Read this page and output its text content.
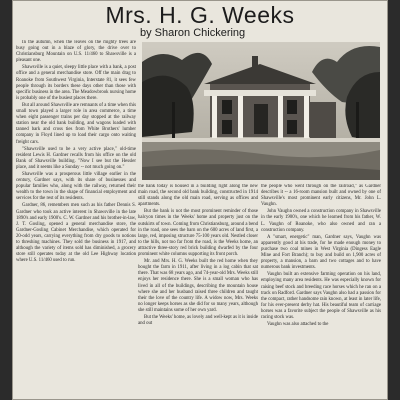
Mrs. H. G. Weeks
by Sharon Chickering

In the autumn, when the leaves on the mighty trees are busy going out in a blaze of glory, the drive over to Christiansburg Mountain on U.S. 11/460 to Shawsville is a pleasant one.

Shawsville is a quiet, sleepy little place with a bank, a post office and a general merchandise store. Off the main drag to Roanoke from Southwest Virginia, Interstate 81, it sees few people through its borders these days other than those with specific business in the area. The Meadowbrook nursing home is probably one of the busiest places there.

But all around Shawsville are remnants of a time when this small town played a larger role in area commerce, a time when eight passenger trains per day stopped at the railway station near the old bank building, and wagons loaded with tanned bark and cross ties from White Brothers' lumber company in Floyd lined up to load their cargo onto waiting freight cars.

"Shawsville used to be a very active place," old-time resident Lewis H. Gardner recalls from his office on the old Bank of Shawsville building. "Now I see but the Hessler place, and it seems like a Sunday -- not much going on."

Shawsville was a prosperous little village earlier in the century, Gardner says, with its share of businesses and popular families who, along with the railway, returned their wealth to the town in the shape of financial employment and services for the rest of its residents.

Gardner, 86, remembers men such as his father Dennis S. Gardner who took an active interest in Shawsville in the late 1890's and early 1900's. C. W. Gardner and his brother-in-law, J. T. Gosling, opened a general merchandise store, the Gardner-Gosling Cabinet Merchandise, which operated for 20-odd years, carrying everything from dry goods to notions to threshing machines. They sold the business in 1917, and although the variety of items sold has diminished, a grocery store still operates today at the old Lee Highway location where U.S. 11/460 used to run.

the bank today is housed in a building right along the new main road, the second old bank building, constructed in 1914 still stands along the old main road, serving as offices and apartments.

But the bank is not the most prominent reminder of those halcyon times in the Weeks' home and property just on the outskirts of town. Coming from Christiansburg, around a bend in the road, one sees the barn on the 600 acres of land first, a large, red, imposing structure 75-100 years old. Nestled closer to the hills, not too far from the road, is the Weeks home, an attractive three-story red brick building dwarfed by the four prominent white columns supporting its front porch.

Mr. and Mrs. H. G. Weeks built the red home when they bought the farm in 1911, after living in a log cabin that sat there. That was 68 years ago, and 74-year-old Mrs. Weeks still enjoys her residence there. She is a small woman who has lived in all of the buildings, describing the mountain house where she and her husband raised three children and taught their the love of the country life. A widow now, Mrs. Weeks no longer keeps horses as she did for so many years, although she still maintains some of her own yard.

But the Weeks' home, as lovely and well-kept as it is inside and out

the people who went through on the railroad," as Gardner describes it -- a 16-room mansion built and owned by one of Shawsville's most prominent early citizens, Mr. John L. Vaughn.

John Vaughn owned a construction company in Shawsville in the early 1900's, one which he learned from his father, W. L. Vaughn of Roanoke, who also owned and ran a construction company.

A "smart, energetic" man, Gardner says, Vaughn was apparently good at his trade, for he made enough money to purchase two coal mines in West Virginia (Dingess Eagle Mine and Fort Branch); to buy and build on 1,900 acres of property, a mansion, a barn and two cottages and to have numerous bank investments.

Vaughn built an extensive farming operation on his land, employing many area residents. He was especially known for raising beef stock and breeding race horses which he ran on a track on Radford. Gardner says Vaughn also had a passion for the compact, rather handsome rain known, at least in later life, for his ever-present derby hat. His beautiful team of carriage horses was a favorite subject the people of Shawsville as his racing stock was.

Vaughn was also attached to the
